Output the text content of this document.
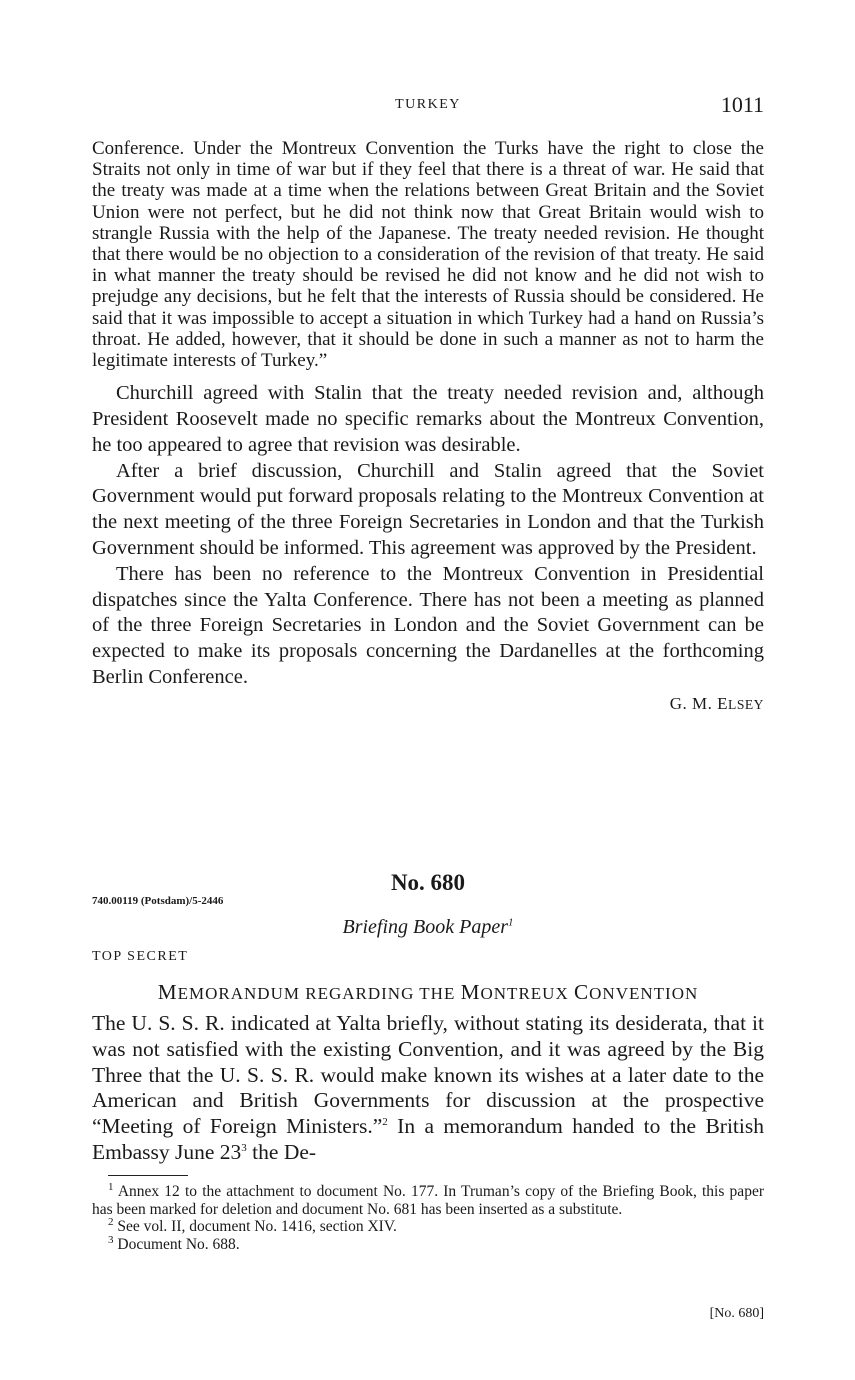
TURKEY	1011

Conference. Under the Montreux Convention the Turks have the right to close the Straits not only in time of war but if they feel that there is a threat of war. He said that the treaty was made at a time when the relations between Great Britain and the Soviet Union were not perfect, but he did not think now that Great Britain would wish to strangle Russia with the help of the Japanese. The treaty needed revision. He thought that there would be no objection to a consideration of the revision of that treaty. He said in what manner the treaty should be revised he did not know and he did not wish to prejudge any decisions, but he felt that the interests of Russia should be considered. He said that it was impossible to accept a situation in which Turkey had a hand on Russia’s throat. He added, however, that it should be done in such a manner as not to harm the legitimate interests of Turkey.”

Churchill agreed with Stalin that the treaty needed revision and, although President Roosevelt made no specific remarks about the Montreux Convention, he too appeared to agree that revision was desirable.

After a brief discussion, Churchill and Stalin agreed that the Soviet Government would put forward proposals relating to the Montreux Convention at the next meeting of the three Foreign Secretaries in London and that the Turkish Government should be informed. This agreement was approved by the President.

There has been no reference to the Montreux Convention in Presidential dispatches since the Yalta Conference. There has not been a meeting as planned of the three Foreign Secretaries in London and the Soviet Government can be expected to make its proposals concerning the Dardanelles at the forthcoming Berlin Conference.

G. M. ELSEY

No. 680
740.00119 (Potsdam)/5-2446
Briefing Book Paper$^1$
TOP SECRET
MEMORANDUM REGARDING THE MONTREUX CONVENTION

The U. S. S. R. indicated at Yalta briefly, without stating its desiderata, that it was not satisfied with the existing Convention, and it was agreed by the Big Three that the U. S. S. R. would make known its wishes at a later date to the American and British Governments for discussion at the prospective “Meeting of Foreign Ministers.”$^2$ In a memorandum handed to the British Embassy June $23^3$ the De-

$^1$ Annex 12 to the attachment to document No. 177. In Truman’s copy of the Briefing Book, this paper has been marked for deletion and document No. 681 has been inserted as a substitute.

$^2$ See vol. II, document No. 1416, section XIV.

$^3$ Document No. 688.

[No. 680]
